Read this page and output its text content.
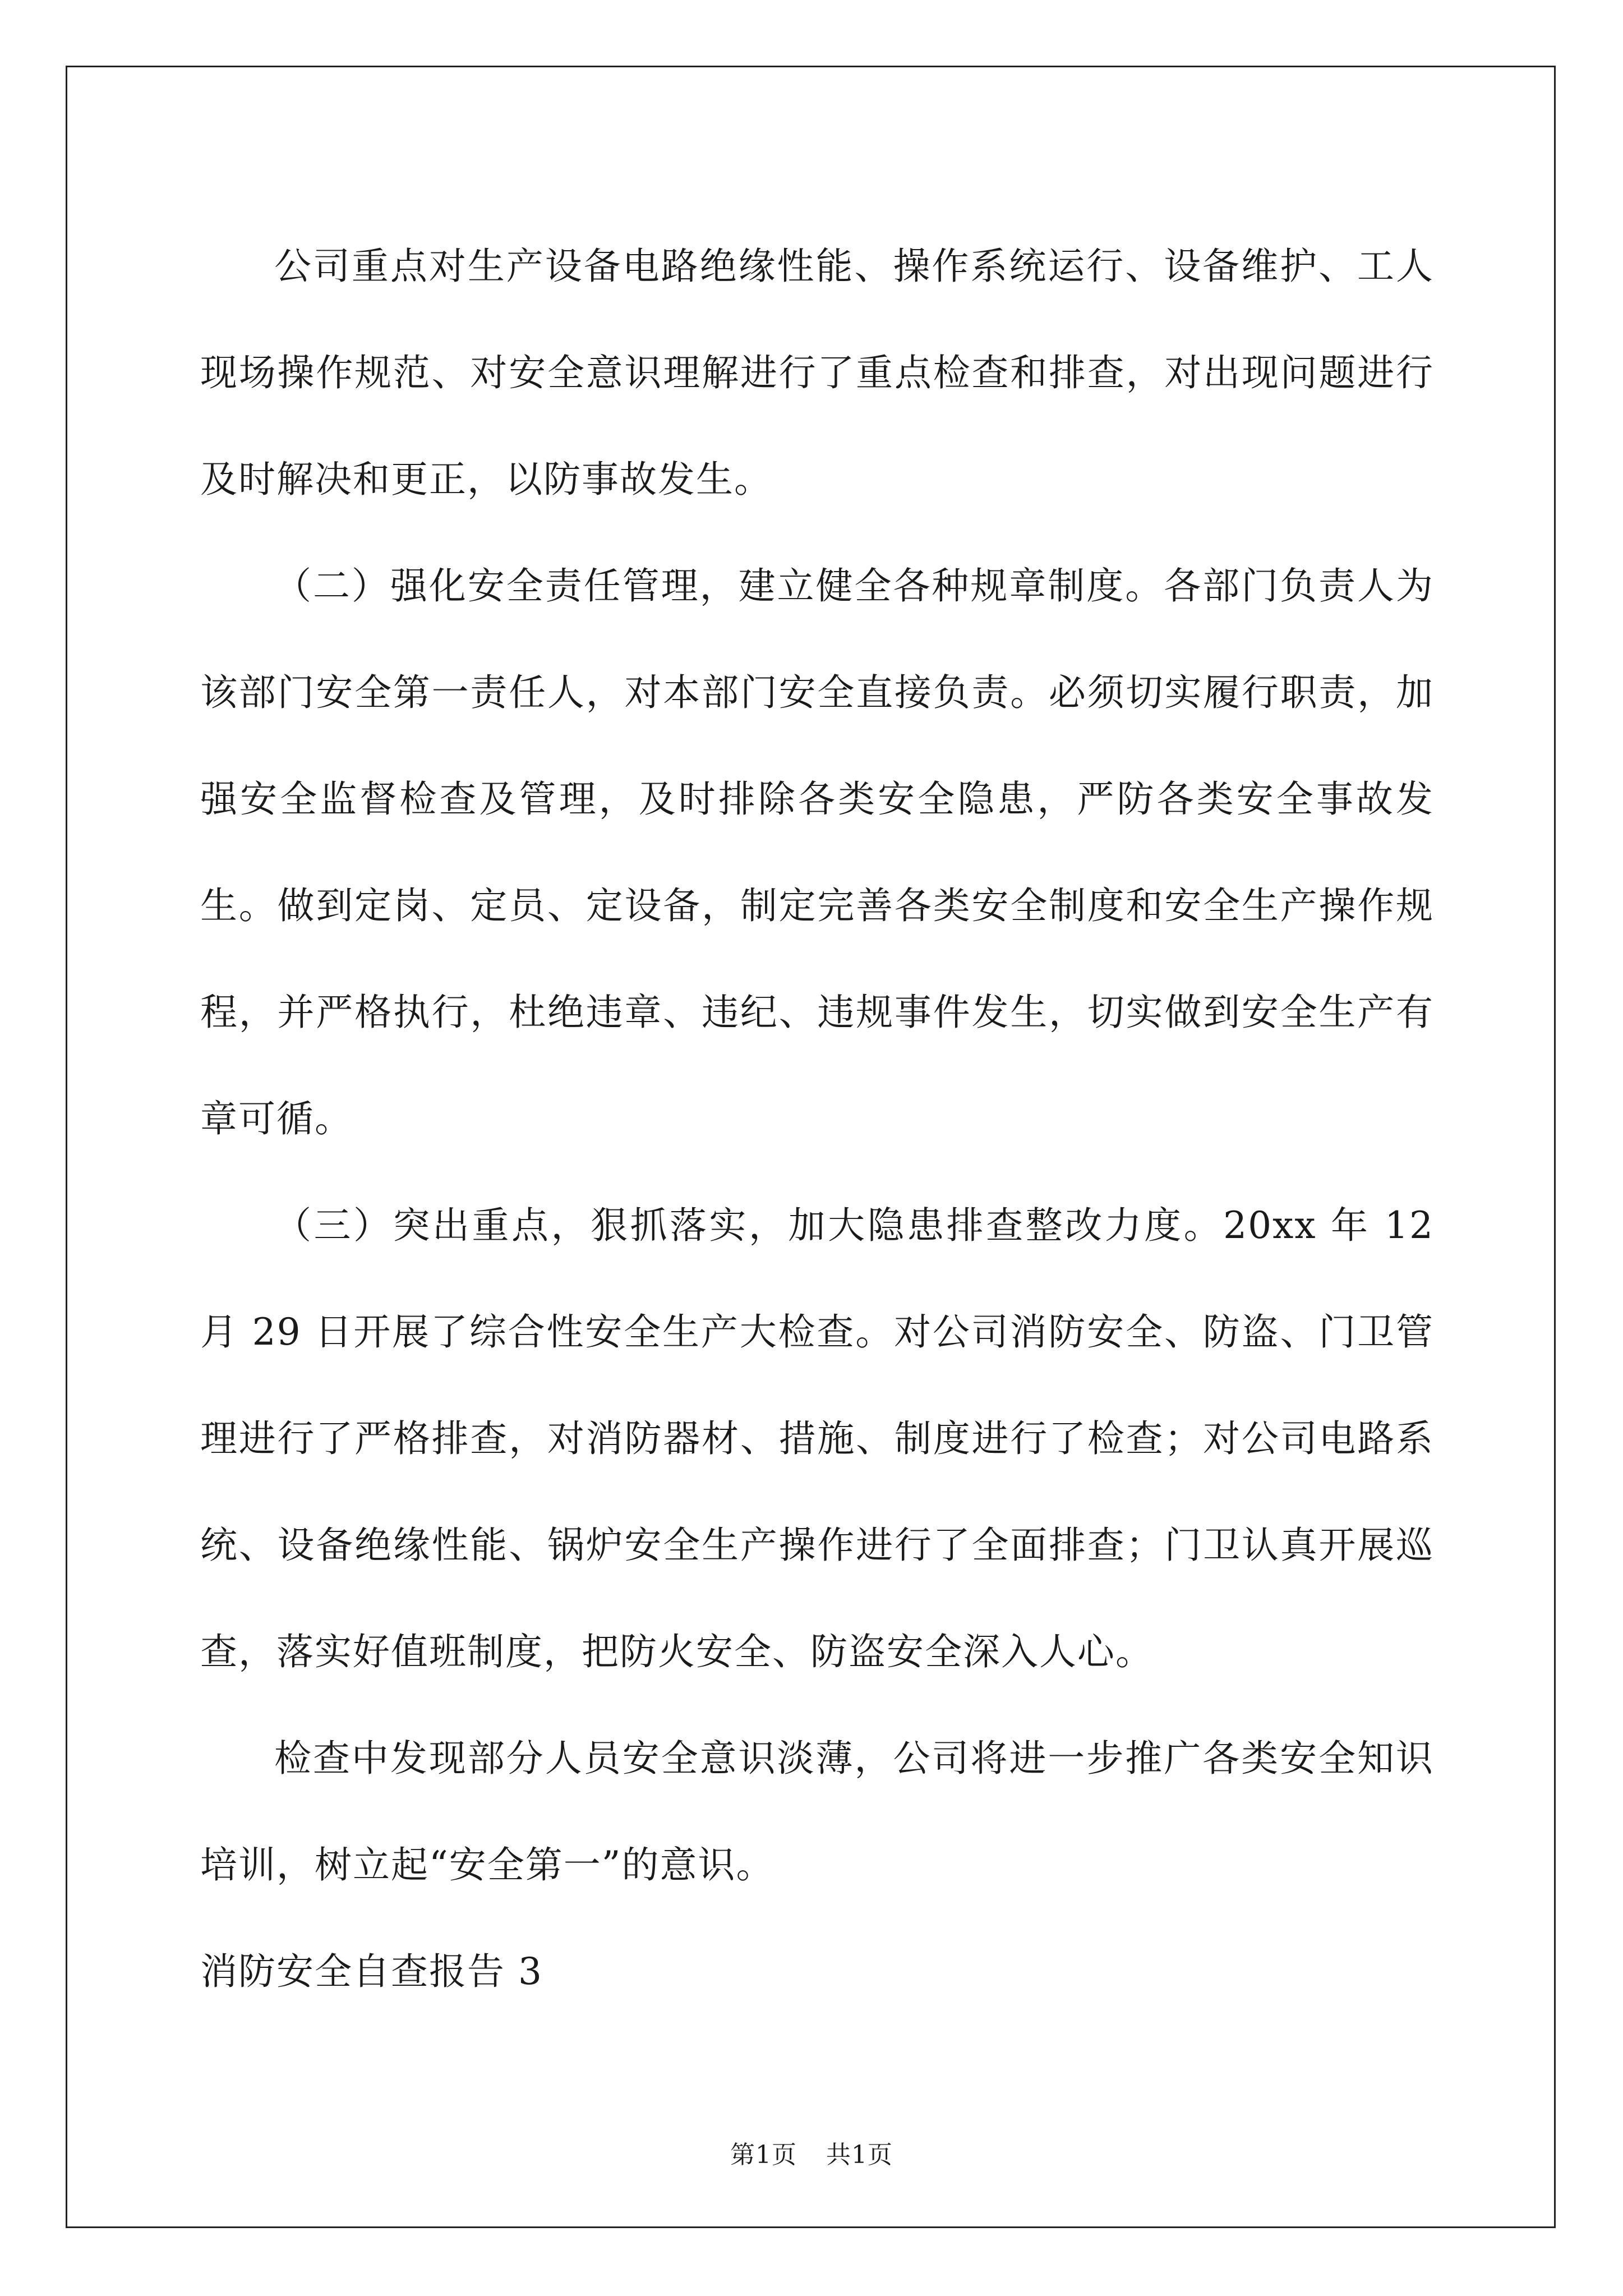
公司重点对生产设备电路绝缘性能、操作系统运行、设备维护、工人现场操作规范、对安全意识理解进行了重点检查和排查，对出现问题进行及时解决和更正，以防事故发生。

（二）强化安全责任管理，建立健全各种规章制度。各部门负责人为该部门安全第一责任人，对本部门安全直接负责。必须切实履行职责，加强安全监督检查及管理，及时排除各类安全隐患，严防各类安全事故发生。做到定岗、定员、定设备，制定完善各类安全制度和安全生产操作规程，并严格执行，杜绝违章、违纪、违规事件发生，切实做到安全生产有章可循。

（三）突出重点，狠抓落实，加大隐患排查整改力度。20xx 年 12 月 29 日开展了综合性安全生产大检查。对公司消防安全、防盗、门卫管理进行了严格排查，对消防器材、措施、制度进行了检查；对公司电路系统、设备绝缘性能、锅炉安全生产操作进行了全面排查；门卫认真开展巡查，落实好值班制度，把防火安全、防盗安全深入人心。

检查中发现部分人员安全意识淡薄，公司将进一步推广各类安全知识培训，树立起“安全第一”的意识。

消防安全自查报告 3

第1页 共1页
